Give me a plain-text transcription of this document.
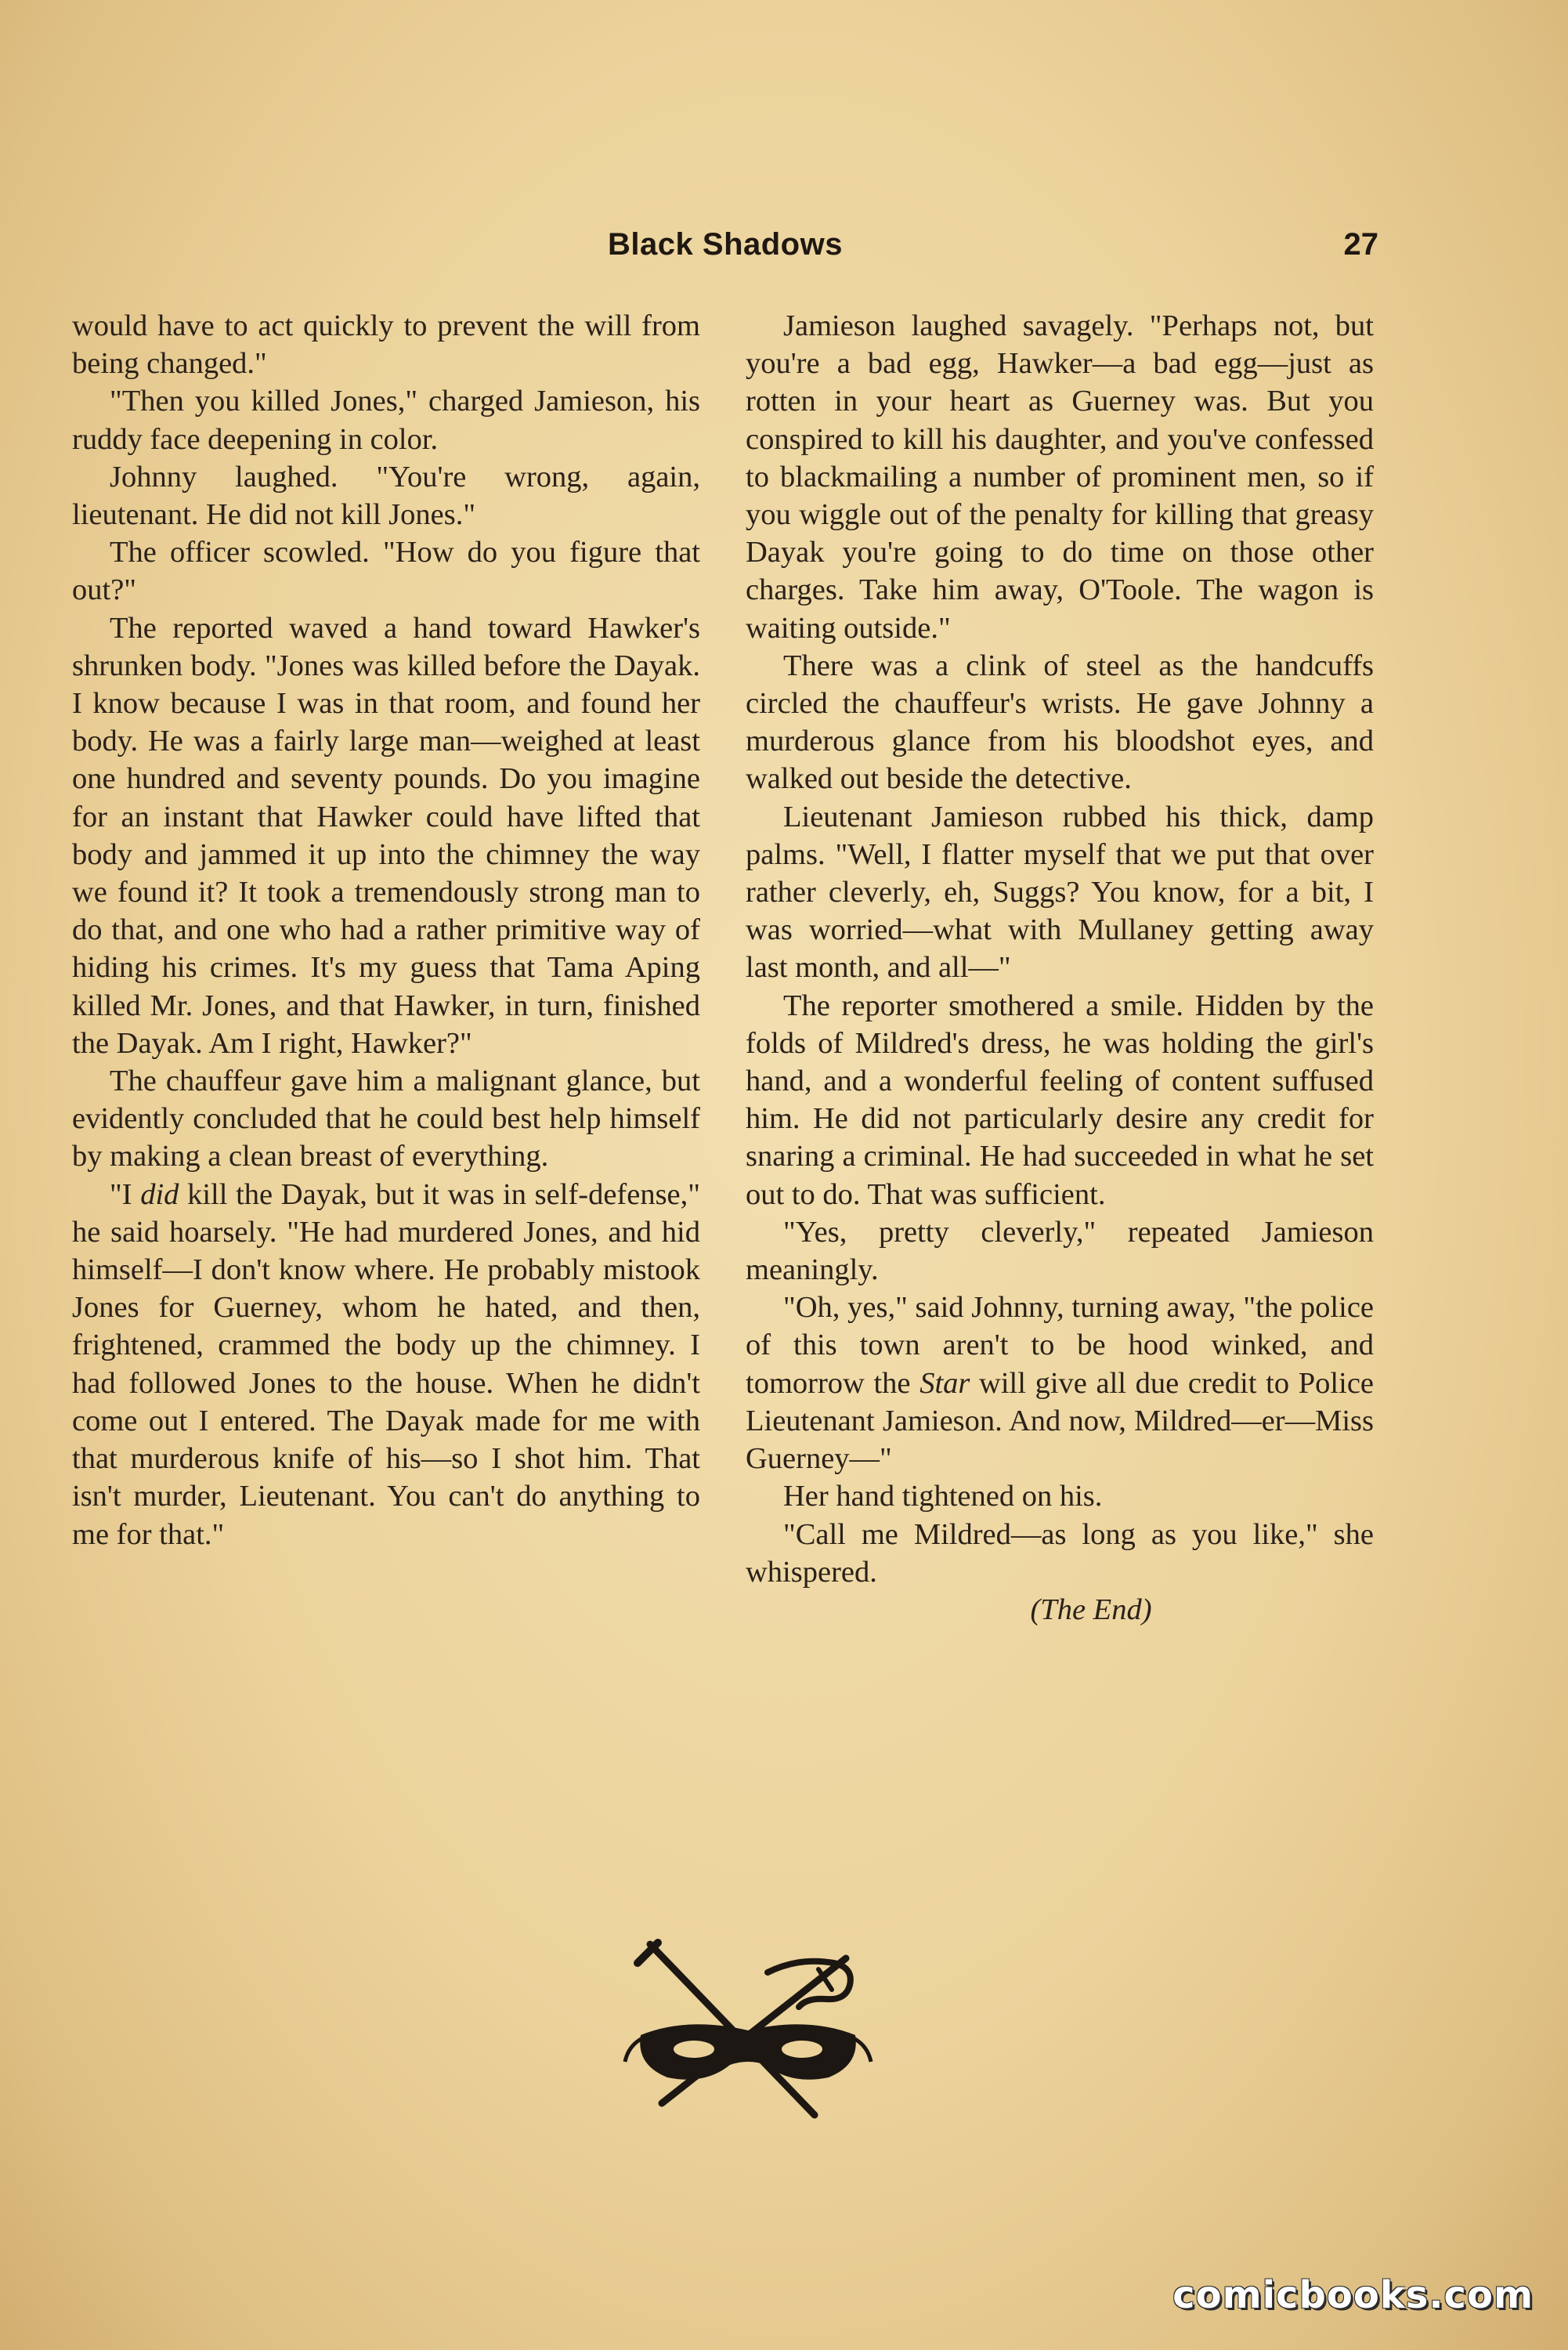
Black Shadows	27

would have to act quickly to prevent the will from being changed."

"Then you killed Jones," charged Jamieson, his ruddy face deepening in color.

Johnny laughed. "You're wrong, again, lieutenant. He did not kill Jones."

The officer scowled. "How do you figure that out?"

The reported waved a hand toward Hawker's shrunken body. "Jones was killed before the Dayak. I know because I was in that room, and found her body. He was a fairly large man—weighed at least one hundred and seventy pounds. Do you imagine for an instant that Hawker could have lifted that body and jammed it up into the chimney the way we found it? It took a tremendously strong man to do that, and one who had a rather primitive way of hiding his crimes. It's my guess that Tama Aping killed Mr. Jones, and that Hawker, in turn, finished the Dayak. Am I right, Hawker?"

The chauffeur gave him a malignant glance, but evidently concluded that he could best help himself by making a clean breast of everything.

"I did kill the Dayak, but it was in self-defense," he said hoarsely. "He had murdered Jones, and hid himself—I don't know where. He probably mistook Jones for Guerney, whom he hated, and then, frightened, crammed the body up the chimney. I had followed Jones to the house. When he didn't come out I entered. The Dayak made for me with that murderous knife of his—so I shot him. That isn't murder, Lieutenant. You can't do anything to me for that."

Jamieson laughed savagely. "Perhaps not, but you're a bad egg, Hawker—a bad egg—just as rotten in your heart as Guerney was. But you conspired to kill his daughter, and you've confessed to blackmailing a number of prominent men, so if you wiggle out of the penalty for killing that greasy Dayak you're going to do time on those other charges. Take him away, O'Toole. The wagon is waiting outside."

There was a clink of steel as the handcuffs circled the chauffeur's wrists. He gave Johnny a murderous glance from his bloodshot eyes, and walked out beside the detective.

Lieutenant Jamieson rubbed his thick, damp palms. "Well, I flatter myself that we put that over rather cleverly, eh, Suggs? You know, for a bit, I was worried—what with Mullaney getting away last month, and all—"

The reporter smothered a smile. Hidden by the folds of Mildred's dress, he was holding the girl's hand, and a wonderful feeling of content suffused him. He did not particularly desire any credit for snaring a criminal. He had succeeded in what he set out to do. That was sufficient.

"Yes, pretty cleverly," repeated Jamieson meaningly.

"Oh, yes," said Johnny, turning away, "the police of this town aren't to be hood winked, and tomorrow the Star will give all due credit to Police Lieutenant Jamieson. And now, Mildred—er—Miss Guerney—"

Her hand tightened on his.

"Call me Mildred—as long as you like," she whispered.

(The End)

comicbooks.com
